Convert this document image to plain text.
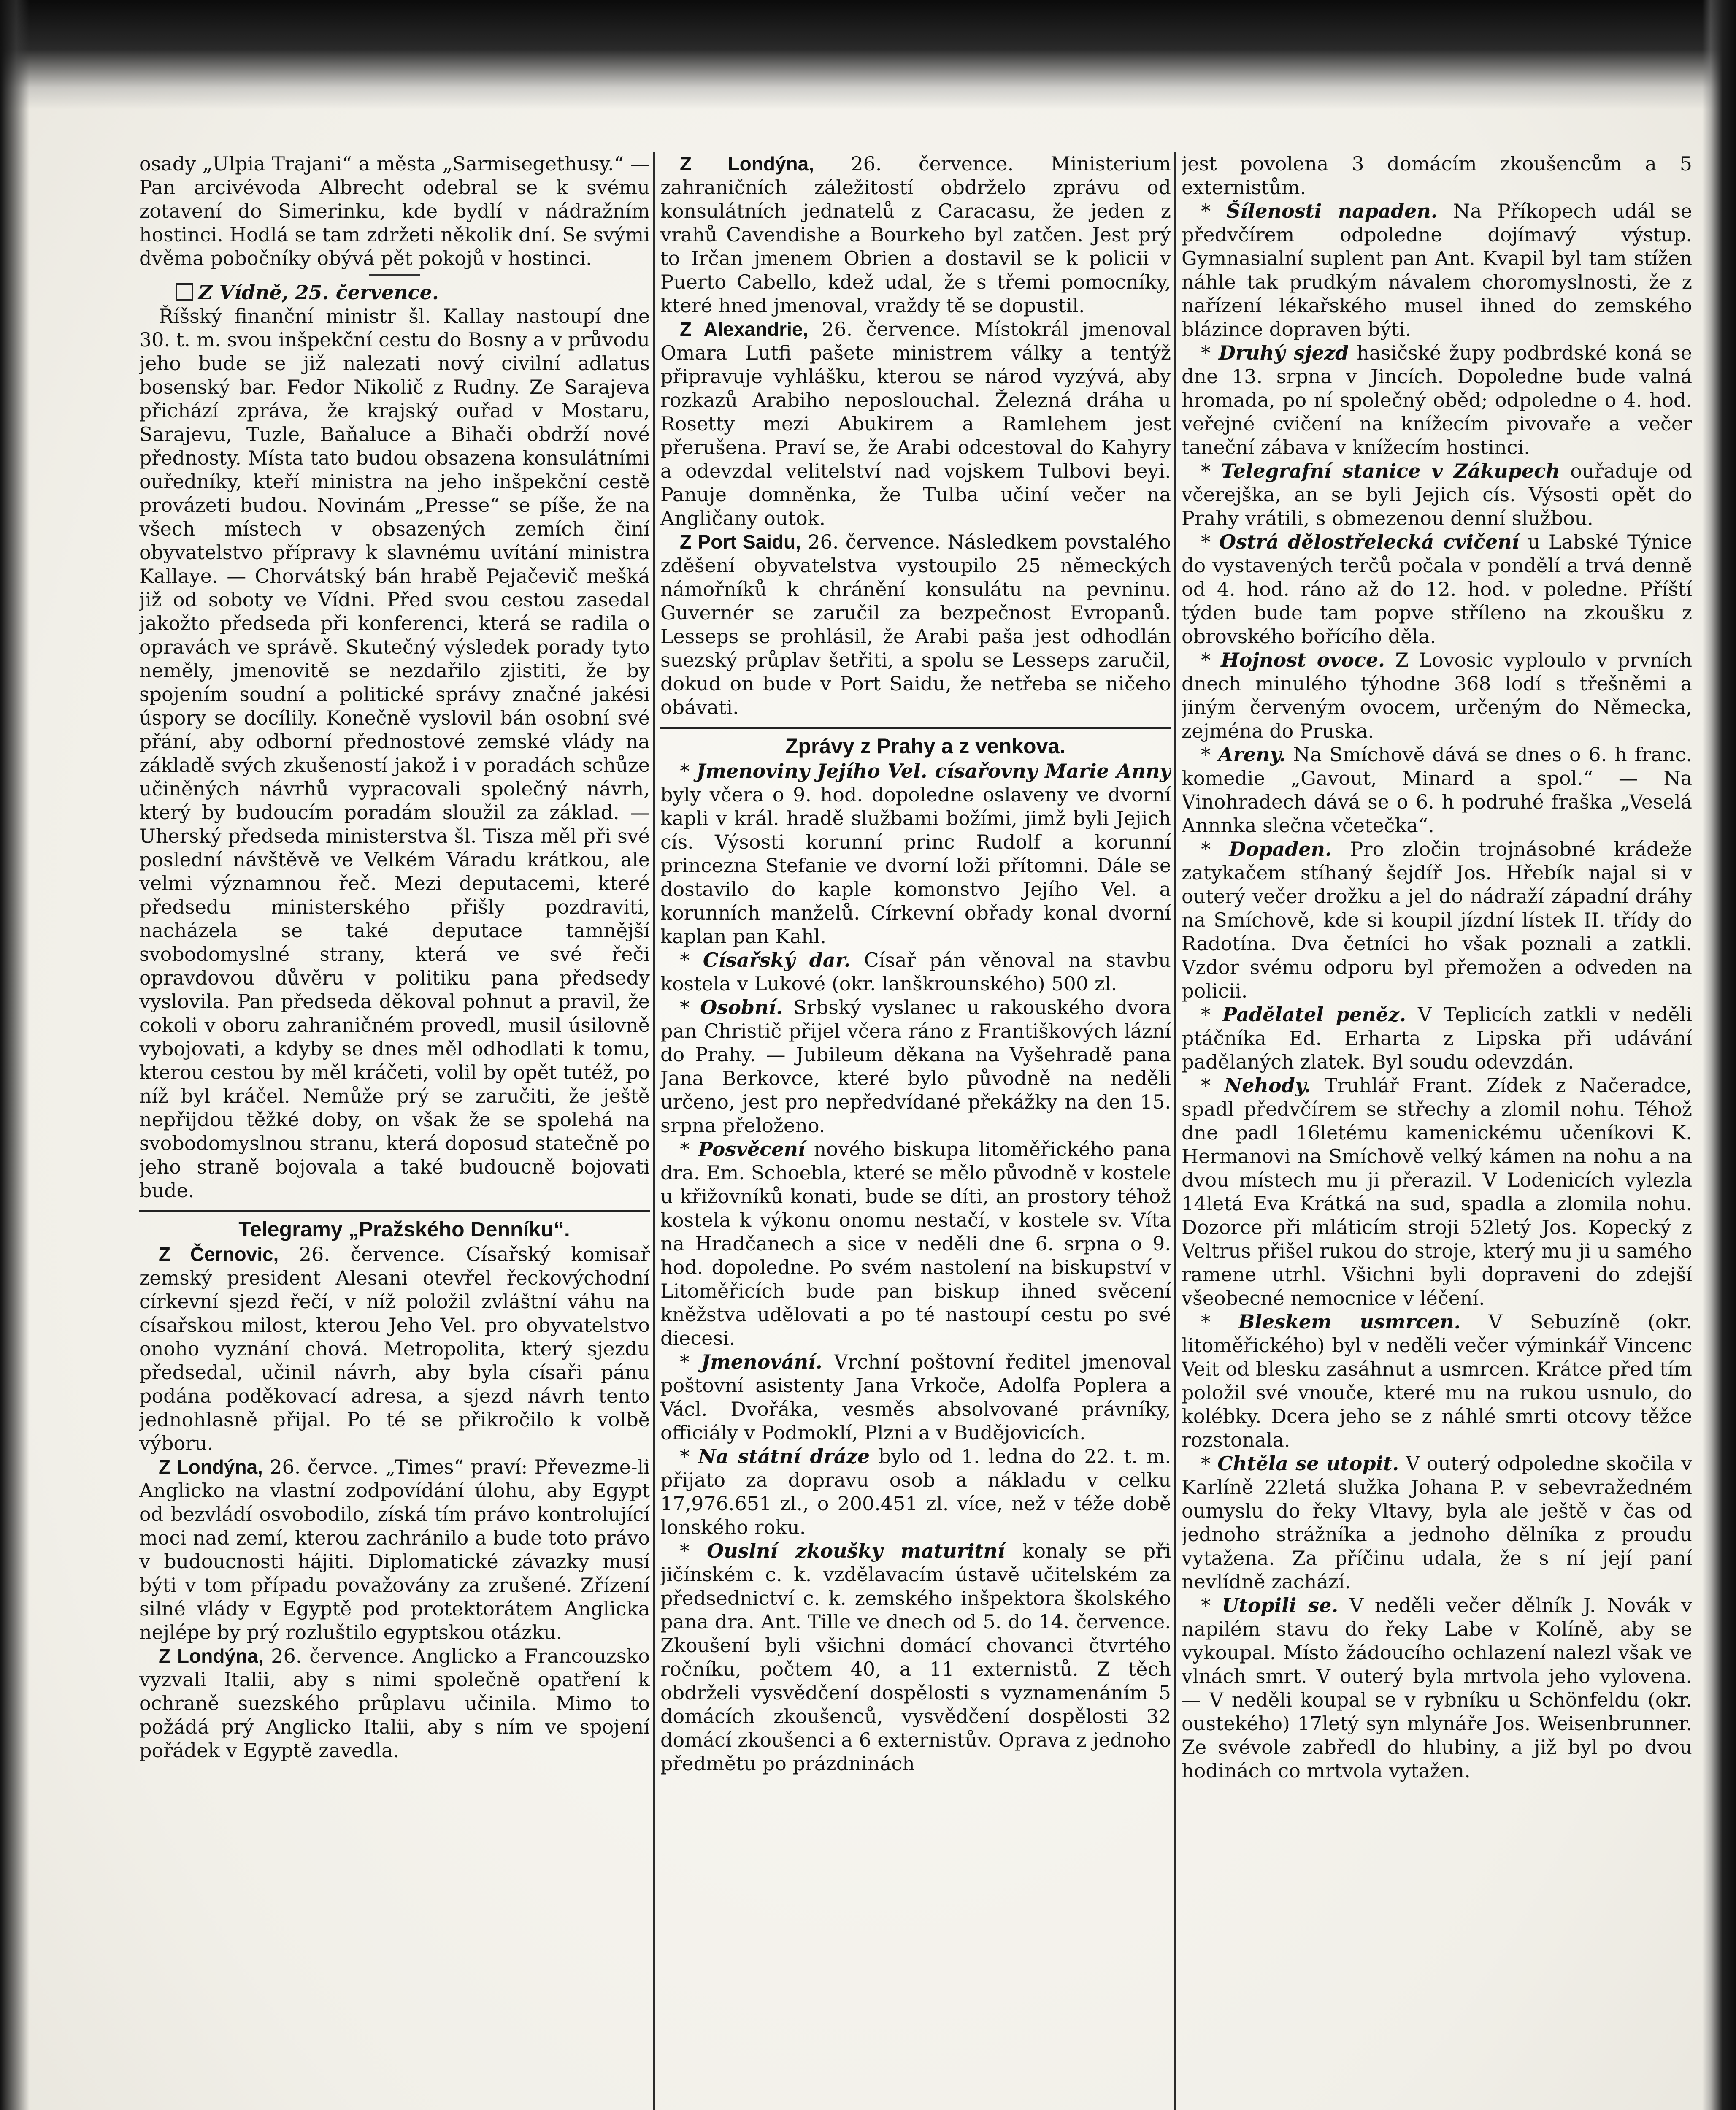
osady „Ulpia Trajani“ a města „Sarmisegethusy.“ — Pan arcivévoda Albrecht odebral se k svému zotavení do Simerinku, kde bydlí v nádražním hostinci. Hodlá se tam zdržeti několik dní. Se svými dvěma pobočníky obývá pět pokojů v hostinci.

Z Vídně, 25. července.

Říšský finanční ministr šl. Kallay nastoupí dne 30. t. m. svou inšpekční cestu do Bosny a v průvodu jeho bude se již nalezati nový civilní adlatus bosenský bar. Fedor Nikolič z Rudny. Ze Sarajeva přichází zpráva, že krajský ouřad v Mostaru, Sarajevu, Tuzle, Baňaluce a Bihači obdrží nové přednosty. Místa tato budou obsazena konsulátními ouředníky, kteří ministra na jeho inšpekční cestě provázeti budou. Novinám „Presse“ se píše, že na všech místech v obsazených zemích činí obyvatelstvo přípravy k slavnému uvítání ministra Kallaye. — Chorvátský bán hrabě Pejačevič mešká již od soboty ve Vídni. Před svou cestou zasedal jakožto předseda při konferenci, která se radila o opravách ve správě. Skutečný výsledek porady tyto neměly, jmenovitě se nezdařilo zjistiti, že by spojením soudní a politické správy značné jakési úspory se docílily. Konečně vyslovil bán osobní své přání, aby odborní přednostové zemské vlády na základě svých zkušeností jakož i v poradách schůze učiněných návrhů vypracovali společný návrh, který by budoucím poradám sloužil za základ. — Uherský předseda ministerstva šl. Tisza měl při své poslední návštěvě ve Velkém Váradu krátkou, ale velmi významnou řeč. Mezi deputacemi, které předsedu ministerského přišly pozdraviti, nacházela se také deputace tamnější svobodomyslné strany, která ve své řeči opravdovou důvěru v politiku pana předsedy vyslovila. Pan předseda děkoval pohnut a pravil, že cokoli v oboru zahraničném provedl, musil úsilovně vybojovati, a kdyby se dnes měl odhodlati k tomu, kterou cestou by měl kráčeti, volil by opět tutéž, po níž byl kráčel. Nemůže prý se zaručiti, že ještě nepřijdou těžké doby, on však že se spolehá na svobodomyslnou stranu, která doposud statečně po jeho straně bojovala a také budoucně bojovati bude.

Telegramy „Pražského Denníku“.

Z Černovic, 26. července. Císařský komisař zemský president Alesani otevřel řeckovýchodní církevní sjezd řečí, v níž položil zvláštní váhu na císařskou milost, kterou Jeho Vel. pro obyvatelstvo onoho vyznání chová. Metropolita, který sjezdu předsedal, učinil návrh, aby byla císaři pánu podána poděkovací adresa, a sjezd návrh tento jednohlasně přijal. Po té se přikročilo k volbě výboru.

Z Londýna, 26. červce. „Times“ praví: Převezme-li Anglicko na vlastní zodpovídání úlohu, aby Egypt od bezvládí osvobodilo, získá tím právo kontrolující moci nad zemí, kterou zachránilo a bude toto právo v budoucnosti hájiti. Diplomatické závazky musí býti v tom případu považovány za zrušené. Zřízení silné vlády v Egyptě pod protektorátem Anglicka nejlépe by prý rozluštilo egyptskou otázku.

Z Londýna, 26. července. Anglicko a Francouzsko vyzvali Italii, aby s nimi společně opatření k ochraně suezského průplavu učinila. Mimo to požádá prý Anglicko Italii, aby s ním ve spojení pořádek v Egyptě zavedla.

Z Londýna, 26. července. Ministerium zahraničních záležitostí obdrželo zprávu od konsulátních jednatelů z Caracasu, že jeden z vrahů Cavendishe a Bourkeho byl zatčen. Jest prý to Irčan jmenem Obrien a dostavil se k policii v Puerto Cabello, kdež udal, že s třemi pomocníky, které hned jmenoval, vraždy tě se dopustil.

Z Alexandrie, 26. července. Místokrál jmenoval Omara Lutfi pašete ministrem války a tentýž připravuje vyhlášku, kterou se národ vyzývá, aby rozkazů Arabiho neposlouchal. Železná dráha u Rosetty mezi Abukirem a Ramlehem jest přerušena. Praví se, že Arabi odcestoval do Kahyry a odevzdal velitelství nad vojskem Tulbovi beyi. Panuje domněnka, že Tulba učiní večer na Angličany outok.

Z Port Saidu, 26. července. Následkem povstalého zděšení obyvatelstva vystoupilo 25 německých námořníků k chránění konsulátu na pevninu. Guvernér se zaručil za bezpečnost Evropanů. Lesseps se prohlásil, že Arabi paša jest odhodlán suezský průplav šetřiti, a spolu se Lesseps zaručil, dokud on bude v Port Saidu, že netřeba se ničeho obávati.

Zprávy z Prahy a z venkova.

* Jmenoviny Jejího Vel. císařovny Marie Anny byly včera o 9. hod. dopoledne oslaveny ve dvorní kapli v král. hradě službami božími, jimž byli Jejich cís. Výsosti korunní princ Rudolf a korunní princezna Stefanie ve dvorní loži přítomni. Dále se dostavilo do kaple komonstvo Jejího Vel. a korunních manželů. Církevní obřady konal dvorní kaplan pan Kahl.

* Císařský dar. Císař pán věnoval na stavbu kostela v Lukové (okr. lanškrounského) 500 zl.

* Osobní. Srbský vyslanec u rakouského dvora pan Christič přijel včera ráno z Františkových lázní do Prahy. — Jubileum děkana na Vyšehradě pana Jana Berkovce, které bylo původně na neděli určeno, jest pro nepředvídané překážky na den 15. srpna přeloženo.

* Posvěcení nového biskupa litoměřického pana dra. Em. Schoebla, které se mělo původně v kostele u křižovníků konati, bude se díti, an prostory téhož kostela k výkonu onomu nestačí, v kostele sv. Víta na Hradčanech a sice v neděli dne 6. srpna o 9. hod. dopoledne. Po svém nastolení na biskupství v Litoměřicích bude pan biskup ihned svěcení kněžstva udělovati a po té nastoupí cestu po své diecesi.

* Jmenování. Vrchní poštovní ředitel jmenoval poštovní asistenty Jana Vrkoče, Adolfa Poplera a Václ. Dvořáka, vesměs absolvované právníky, officiály v Podmoklí, Plzni a v Budějovicích.

* Na státní dráze bylo od 1. ledna do 22. t. m. přijato za dopravu osob a nákladu v celku 17,976.651 zl., o 200.451 zl. více, než v téže době lonského roku.

* Ouslní zkoušky maturitní konaly se při jičínském c. k. vzdělavacím ústavě učitelském za předsednictví c. k. zemského inšpektora školského pana dra. Ant. Tille ve dnech od 5. do 14. července. Zkoušení byli všichni domácí chovanci čtvrtého ročníku, počtem 40, a 11 externistů. Z těch obdrželi vysvědčení dospělosti s vyznamenáním 5 domácích zkoušenců, vysvědčení dospělosti 32 domácí zkoušenci a 6 externistův. Oprava z jednoho předmětu po prázdninách

jest povolena 3 domácím zkoušencům a 5 externistům.

* Šílenosti napaden. Na Příkopech udál se předvčírem odpoledne dojímavý výstup. Gymnasialní suplent pan Ant. Kvapil byl tam stížen náhle tak prudkým návalem choromyslnosti, že z nařízení lékařského musel ihned do zemského blázince dopraven býti.

* Druhý sjezd hasičské župy podbrdské koná se dne 13. srpna v Jincích. Dopoledne bude valná hromada, po ní společný oběd; odpoledne o 4. hod. veřejné cvičení na knížecím pivovaře a večer taneční zábava v knížecím hostinci.

* Telegrafní stanice v Zákupech ouřaduje od včerejška, an se byli Jejich cís. Výsosti opět do Prahy vrátili, s obmezenou denní službou.

* Ostrá dělostřelecká cvičení u Labské Týnice do vystavených terčů počala v pondělí a trvá denně od 4. hod. ráno až do 12. hod. v poledne. Příští týden bude tam popve stříleno na zkoušku z obrovského bořícího děla.

* Hojnost ovoce. Z Lovosic vyploulo v prvních dnech minulého týhodne 368 lodí s třešněmi a jiným červeným ovocem, určeným do Německa, zejména do Pruska.

* Areny. Na Smíchově dává se dnes o 6. h franc. komedie „Gavout, Minard a spol.“ — Na Vinohradech dává se o 6. h podruhé fraška „Veselá Annnka slečna včetečka“.

* Dopaden. Pro zločin trojnásobné krádeže zatykačem stíhaný šejdíř Jos. Hřebík najal si v outerý večer drožku a jel do nádraží západní dráhy na Smíchově, kde si koupil jízdní lístek II. třídy do Radotína. Dva četníci ho však poznali a zatkli. Vzdor svému odporu byl přemožen a odveden na policii.

* Padělatel peněz. V Teplicích zatkli v neděli ptáčníka Ed. Erharta z Lipska při udávání padělaných zlatek. Byl soudu odevzdán.

* Nehody. Truhlář Frant. Zídek z Načeradce, spadl předvčírem se střechy a zlomil nohu. Téhož dne padl 16letému kamenickému učeníkovi K. Hermanovi na Smíchově velký kámen na nohu a na dvou místech mu ji přerazil. V Lodenicích vylezla 14letá Eva Krátká na sud, spadla a zlomila nohu. Dozorce při mláticím stroji 52letý Jos. Kopecký z Veltrus přišel rukou do stroje, který mu ji u samého ramene utrhl. Všichni byli dopraveni do zdejší všeobecné nemocnice v léčení.

* Bleskem usmrcen. V Sebuzíně (okr. litoměřického) byl v neděli večer výminkář Vincenc Veit od blesku zasáhnut a usmrcen. Krátce před tím položil své vnouče, které mu na rukou usnulo, do kolébky. Dcera jeho se z náhlé smrti otcovy těžce rozstonala.

* Chtěla se utopit. V outerý odpoledne skočila v Karlíně 22letá služka Johana P. v sebevražedném oumyslu do řeky Vltavy, byla ale ještě v čas od jednoho strážníka a jednoho dělníka z proudu vytažena. Za příčinu udala, že s ní její paní nevlídně zachází.

* Utopili se. V neděli večer dělník J. Novák v napilém stavu do řeky Labe v Kolíně, aby se vykoupal. Místo žádoucího ochlazení nalezl však ve vlnách smrt. V outerý byla mrtvola jeho vylovena. — V neděli koupal se v rybníku u Schönfeldu (okr. oustekého) 17letý syn mlynáře Jos. Weisenbrunner. Ze svévole zabředl do hlubiny, a již byl po dvou hodinách co mrtvola vytažen.
